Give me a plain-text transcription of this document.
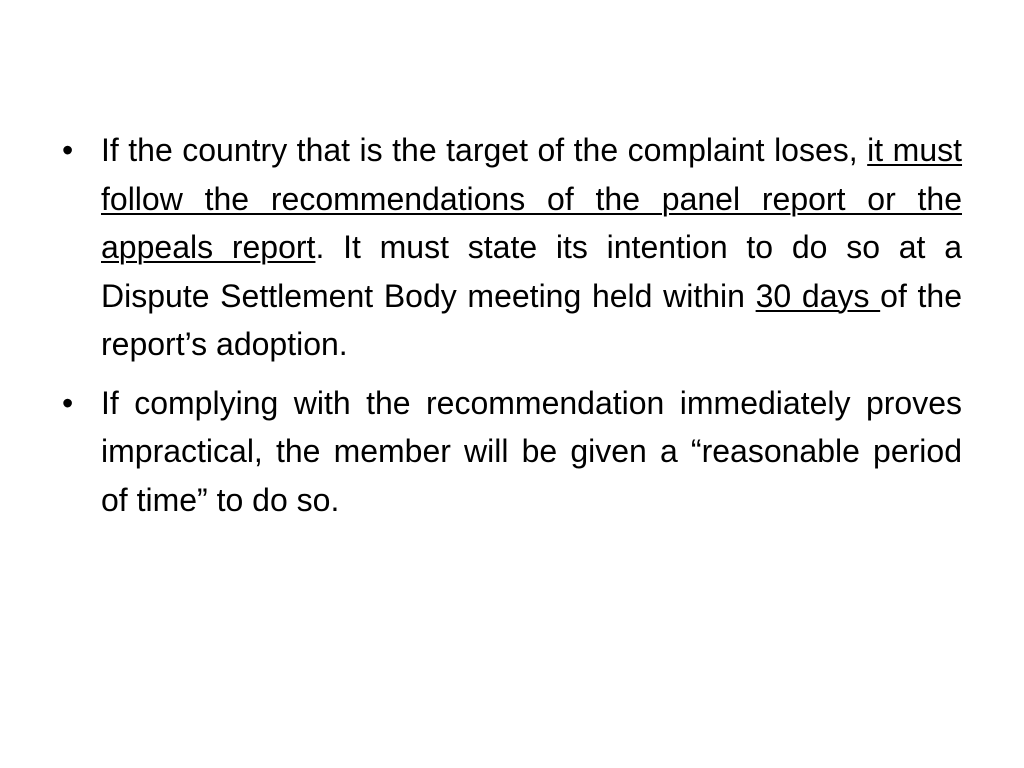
• If the country that is the target of the complaint loses, it must follow the recommendations of the panel report or the appeals report. It must state its intention to do so at a Dispute Settlement Body meeting held within 30 days of the report’s adoption.
• If complying with the recommendation immediately proves impractical, the member will be given a “reasonable period of time” to do so.
